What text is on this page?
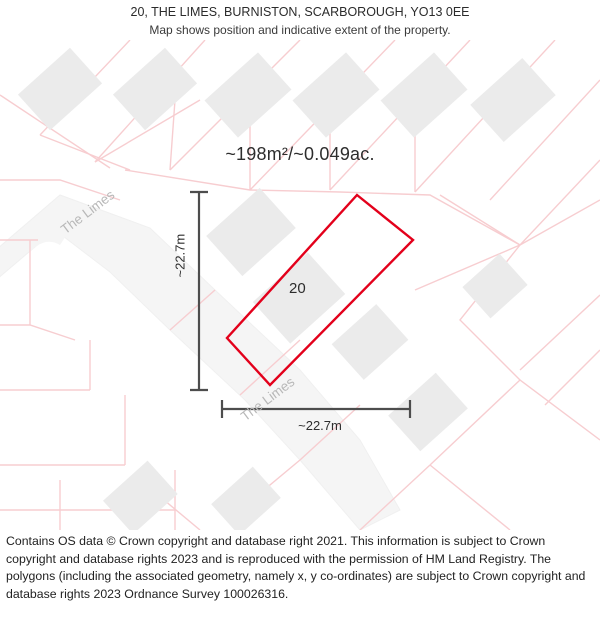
20, THE LIMES, BURNISTON, SCARBOROUGH, YO13 0EE
Map shows position and indicative extent of the property.
~198m²/~0.049ac.
20
~22.7m
~22.7m
The Limes
The Limes

Contains OS data © Crown copyright and database right 2021. This information is subject to Crown copyright and database rights 2023 and is reproduced with the permission of HM Land Registry. The polygons (including the associated geometry, namely x, y co-ordinates) are subject to Crown copyright and database rights 2023 Ordnance Survey 100026316.
